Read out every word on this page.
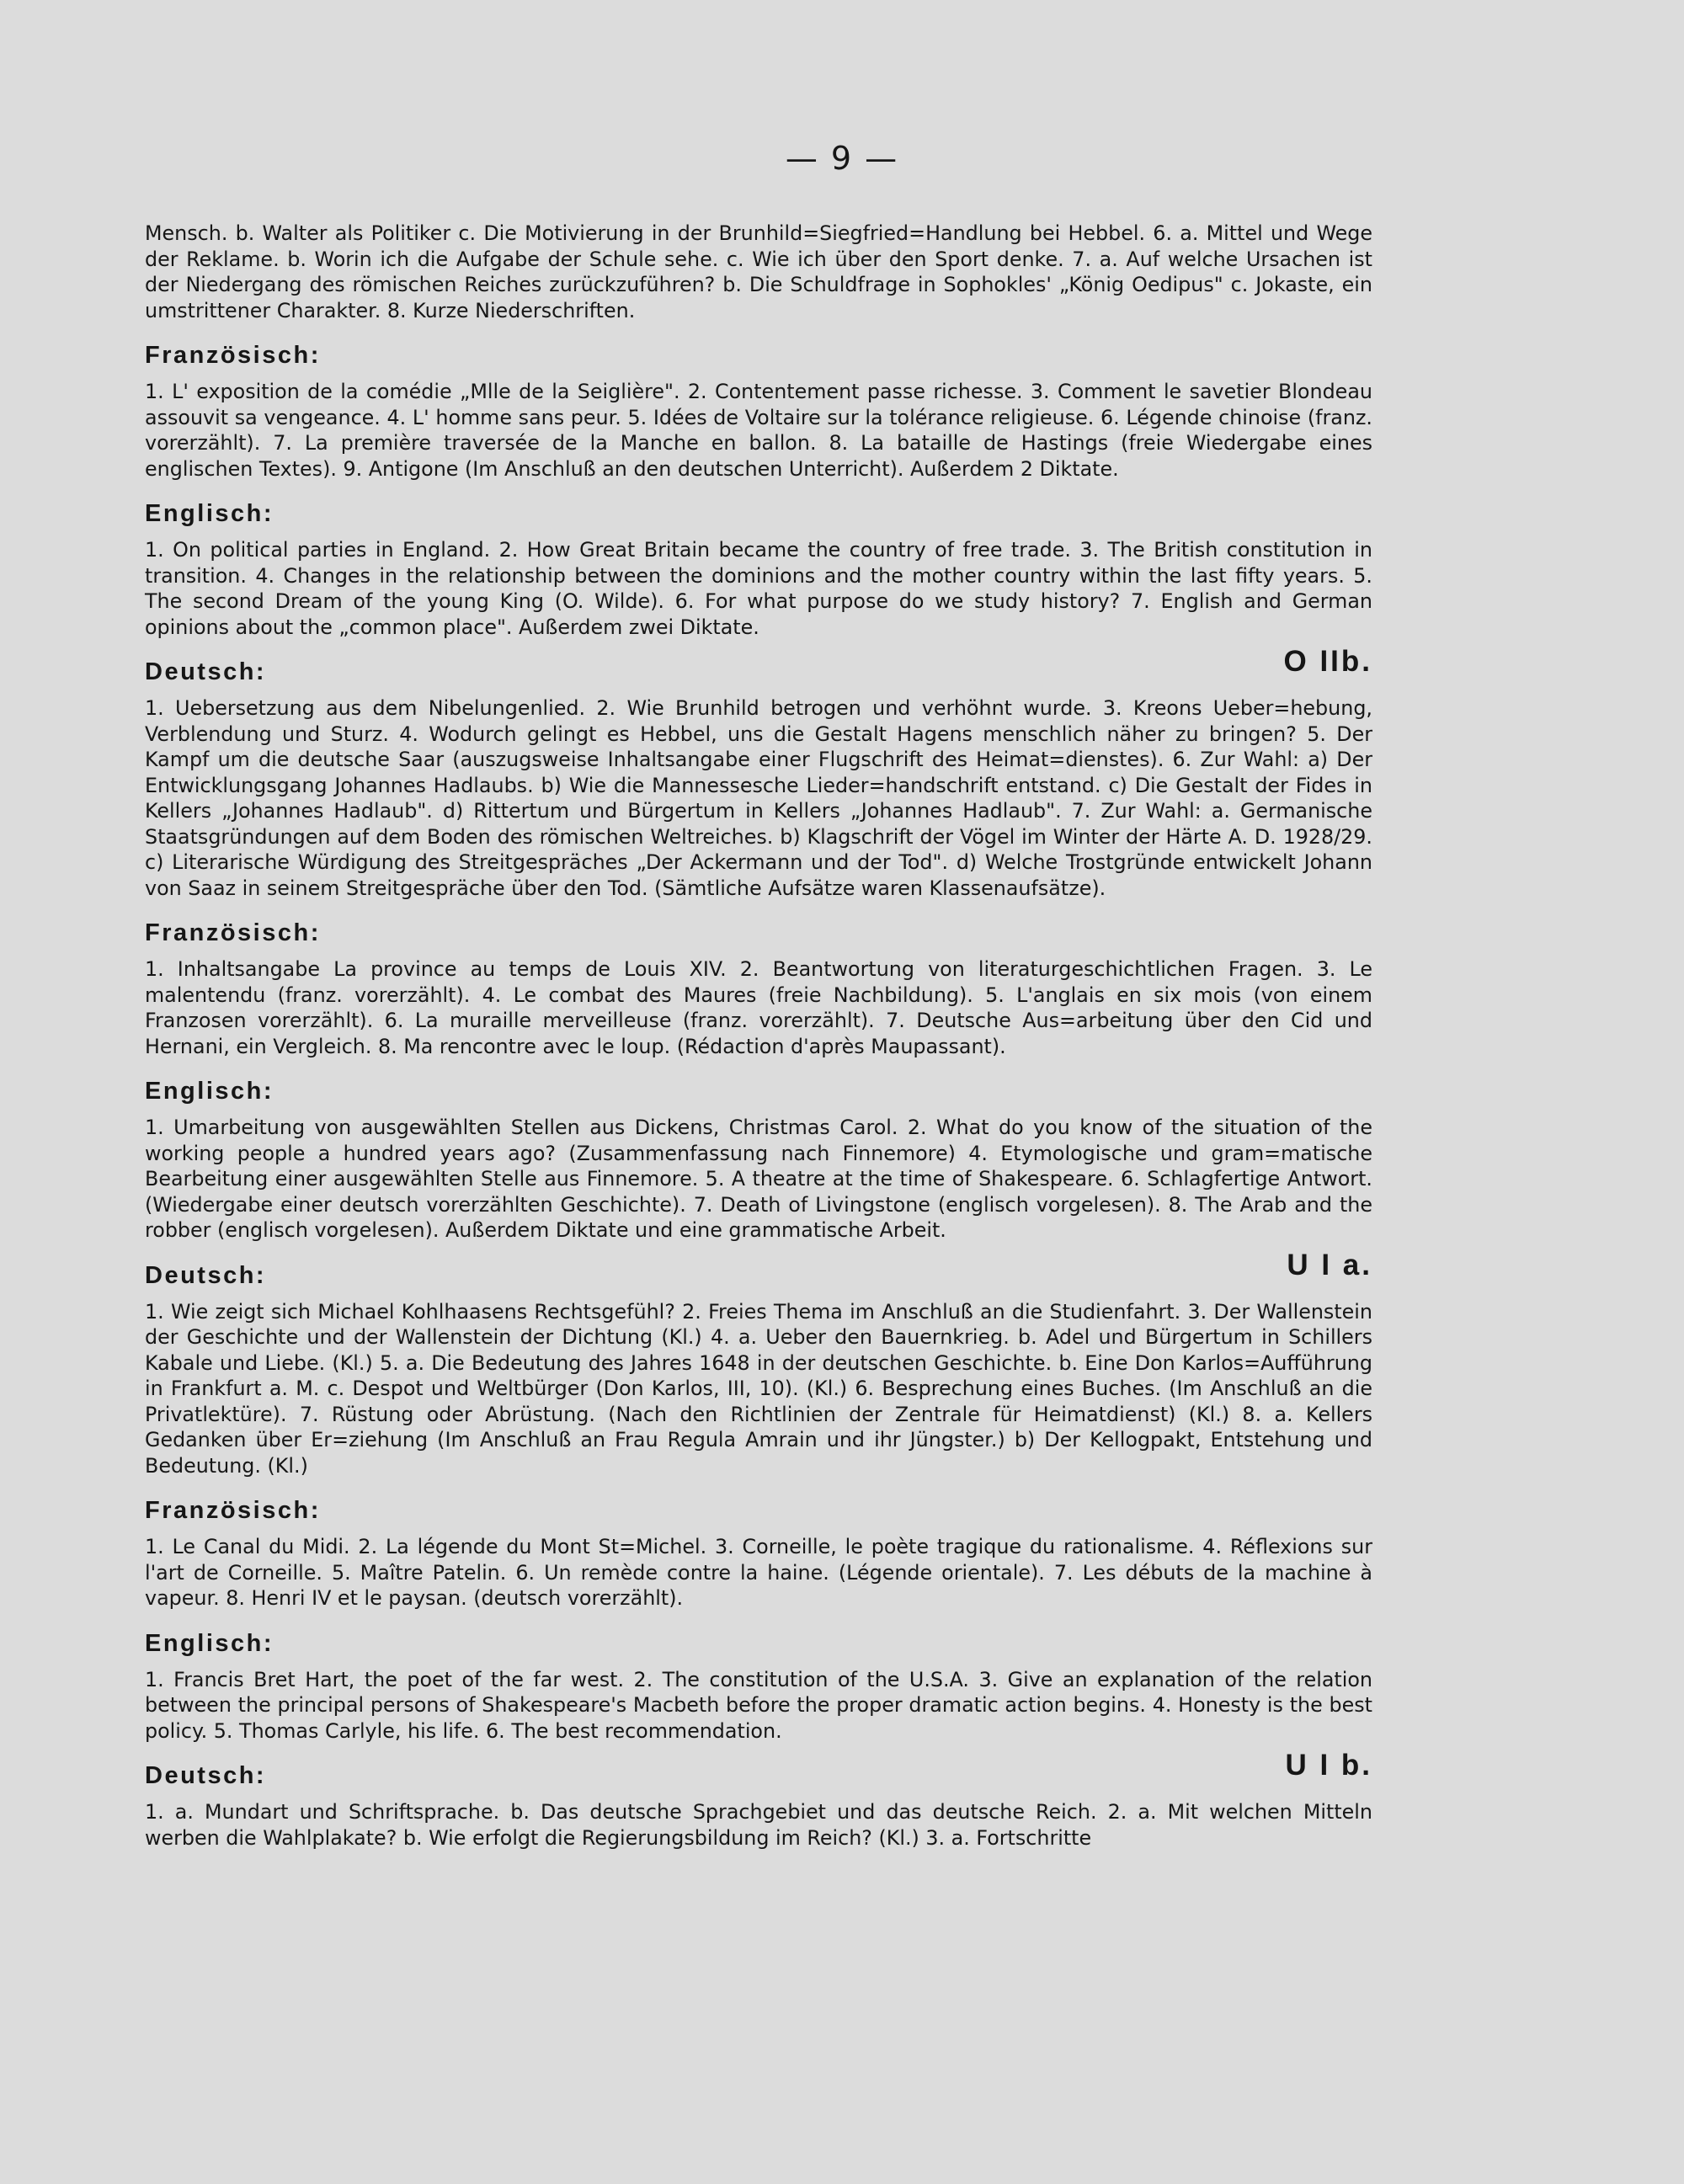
— 9 —

Mensch. b. Walter als Politiker c. Die Motivierung in der Brunhild=Siegfried=Handlung bei Hebbel. 6. a. Mittel und Wege der Reklame. b. Worin ich die Aufgabe der Schule sehe. c. Wie ich über den Sport denke. 7. a. Auf welche Ursachen ist der Niedergang des römischen Reiches zurückzuführen? b. Die Schuldfrage in Sophokles' „König Oedipus" c. Jokaste, ein umstrittener Charakter. 8. Kurze Niederschriften.

Französisch:

1. L' exposition de la comédie „Mlle de la Seiglière". 2. Contentement passe richesse. 3. Comment le savetier Blondeau assouvit sa vengeance. 4. L' homme sans peur. 5. Idées de Voltaire sur la tolérance religieuse. 6. Légende chinoise (franz. vorerzählt). 7. La première traversée de la Manche en ballon. 8. La bataille de Hastings (freie Wiedergabe eines englischen Textes). 9. Antigone (Im Anschluß an den deutschen Unterricht). Außerdem 2 Diktate.

Englisch:

1. On political parties in England. 2. How Great Britain became the country of free trade. 3. The British constitution in transition. 4. Changes in the relationship between the dominions and the mother country within the last fifty years. 5. The second Dream of the young King (O. Wilde). 6. For what purpose do we study history? 7. English and German opinions about the „common place". Außerdem zwei Diktate.

Deutsch:	O IIb.

1. Uebersetzung aus dem Nibelungenlied. 2. Wie Brunhild betrogen und verhöhnt wurde. 3. Kreons Ueber=hebung, Verblendung und Sturz. 4. Wodurch gelingt es Hebbel, uns die Gestalt Hagens menschlich näher zu bringen? 5. Der Kampf um die deutsche Saar (auszugsweise Inhaltsangabe einer Flugschrift des Heimat=dienstes). 6. Zur Wahl: a) Der Entwicklungsgang Johannes Hadlaubs. b) Wie die Mannessesche Lieder=handschrift entstand. c) Die Gestalt der Fides in Kellers „Johannes Hadlaub". d) Rittertum und Bürgertum in Kellers „Johannes Hadlaub". 7. Zur Wahl: a. Germanische Staatsgründungen auf dem Boden des römischen Weltreiches. b) Klagschrift der Vögel im Winter der Härte A. D. 1928/29. c) Literarische Würdigung des Streitgespräches „Der Ackermann und der Tod". d) Welche Trostgründe entwickelt Johann von Saaz in seinem Streitgespräche über den Tod. (Sämtliche Aufsätze waren Klassenaufsätze).

Französisch:

1. Inhaltsangabe La province au temps de Louis XIV. 2. Beantwortung von literaturgeschichtlichen Fragen. 3. Le malentendu (franz. vorerzählt). 4. Le combat des Maures (freie Nachbildung). 5. L'anglais en six mois (von einem Franzosen vorerzählt). 6. La muraille merveilleuse (franz. vorerzählt). 7. Deutsche Aus=arbeitung über den Cid und Hernani, ein Vergleich. 8. Ma rencontre avec le loup. (Rédaction d'après Maupassant).

Englisch:

1. Umarbeitung von ausgewählten Stellen aus Dickens, Christmas Carol. 2. What do you know of the situation of the working people a hundred years ago? (Zusammenfassung nach Finnemore) 4. Etymologische und gram=matische Bearbeitung einer ausgewählten Stelle aus Finnemore. 5. A theatre at the time of Shakespeare. 6. Schlagfertige Antwort. (Wiedergabe einer deutsch vorerzählten Geschichte). 7. Death of Livingstone (englisch vorgelesen). 8. The Arab and the robber (englisch vorgelesen). Außerdem Diktate und eine grammatische Arbeit.

Deutsch:	U I a.

1. Wie zeigt sich Michael Kohlhaasens Rechtsgefühl? 2. Freies Thema im Anschluß an die Studienfahrt. 3. Der Wallenstein der Geschichte und der Wallenstein der Dichtung (Kl.) 4. a. Ueber den Bauernkrieg. b. Adel und Bürgertum in Schillers Kabale und Liebe. (Kl.) 5. a. Die Bedeutung des Jahres 1648 in der deutschen Geschichte. b. Eine Don Karlos=Aufführung in Frankfurt a. M. c. Despot und Weltbürger (Don Karlos, III, 10). (Kl.) 6. Besprechung eines Buches. (Im Anschluß an die Privatlektüre). 7. Rüstung oder Abrüstung. (Nach den Richtlinien der Zentrale für Heimatdienst) (Kl.) 8. a. Kellers Gedanken über Er=ziehung (Im Anschluß an Frau Regula Amrain und ihr Jüngster.) b) Der Kellogpakt, Entstehung und Bedeutung. (Kl.)

Französisch:

1. Le Canal du Midi. 2. La légende du Mont St=Michel. 3. Corneille, le poète tragique du rationalisme. 4. Réflexions sur l'art de Corneille. 5. Maître Patelin. 6. Un remède contre la haine. (Légende orientale). 7. Les débuts de la machine à vapeur. 8. Henri IV et le paysan. (deutsch vorerzählt).

Englisch:

1. Francis Bret Hart, the poet of the far west. 2. The constitution of the U.S.A. 3. Give an explanation of the relation between the principal persons of Shakespeare's Macbeth before the proper dramatic action begins. 4. Honesty is the best policy. 5. Thomas Carlyle, his life. 6. The best recommendation.

Deutsch:	U I b.

1. a. Mundart und Schriftsprache. b. Das deutsche Sprachgebiet und das deutsche Reich. 2. a. Mit welchen Mitteln werben die Wahlplakate? b. Wie erfolgt die Regierungsbildung im Reich? (Kl.) 3. a. Fortschritte
